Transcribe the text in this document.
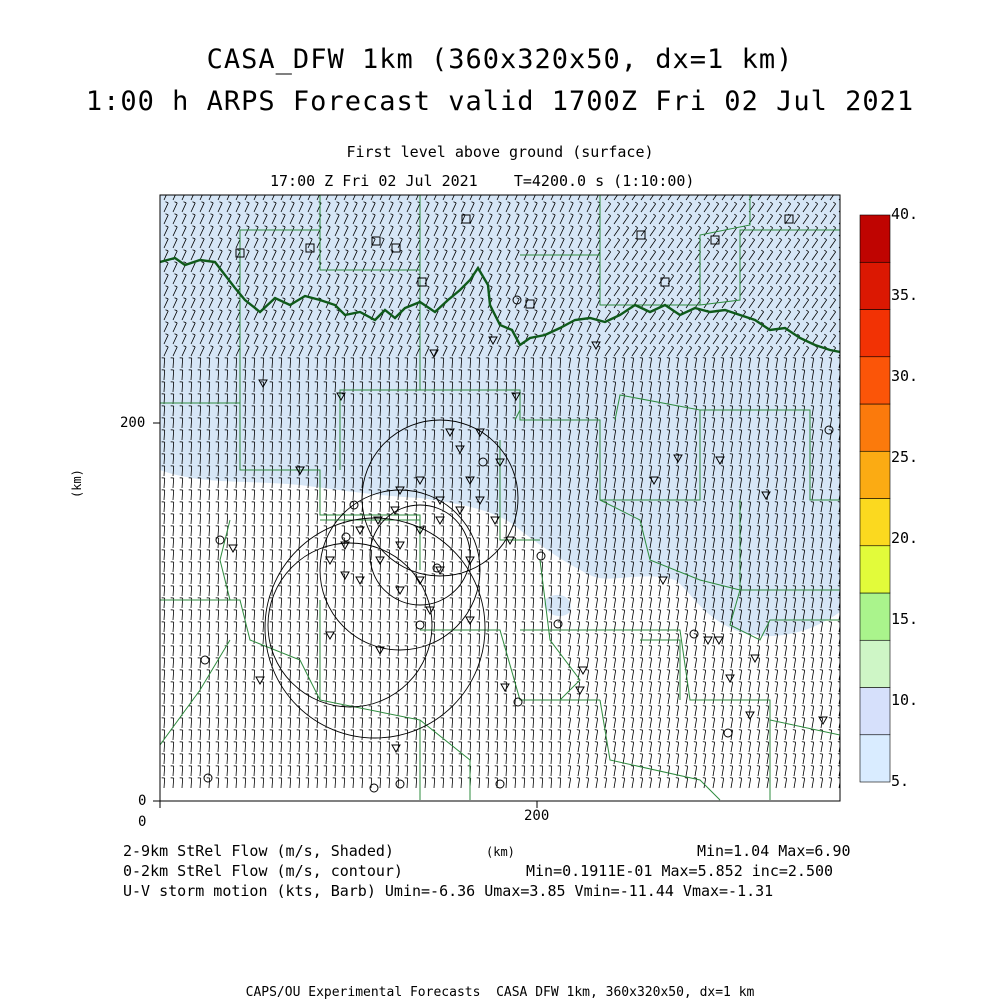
CASA_DFW 1km (360x320x50, dx=1 km)
1:00 h ARPS Forecast valid 1700Z Fri 02 Jul 2021
First level above ground (surface)
17:00 Z Fri 02 Jul 2021    T=4200.0 s (1:10:00)
0	200
0
200
(km)
5.
10.
15.
20.
25.
30.
35.
40.
2-9km StRel Flow (m/s, Shaded)	(km)	Min=1.04 Max=6.90
0-2km StRel Flow (m/s, contour)	Min=0.1911E-01 Max=5.852 inc=2.500
U-V storm motion (kts, Barb) Umin=-6.36 Umax=3.85 Vmin=-11.44 Vmax=-1.31
CAPS/OU Experimental Forecasts  CASA DFW 1km, 360x320x50, dx=1 km
